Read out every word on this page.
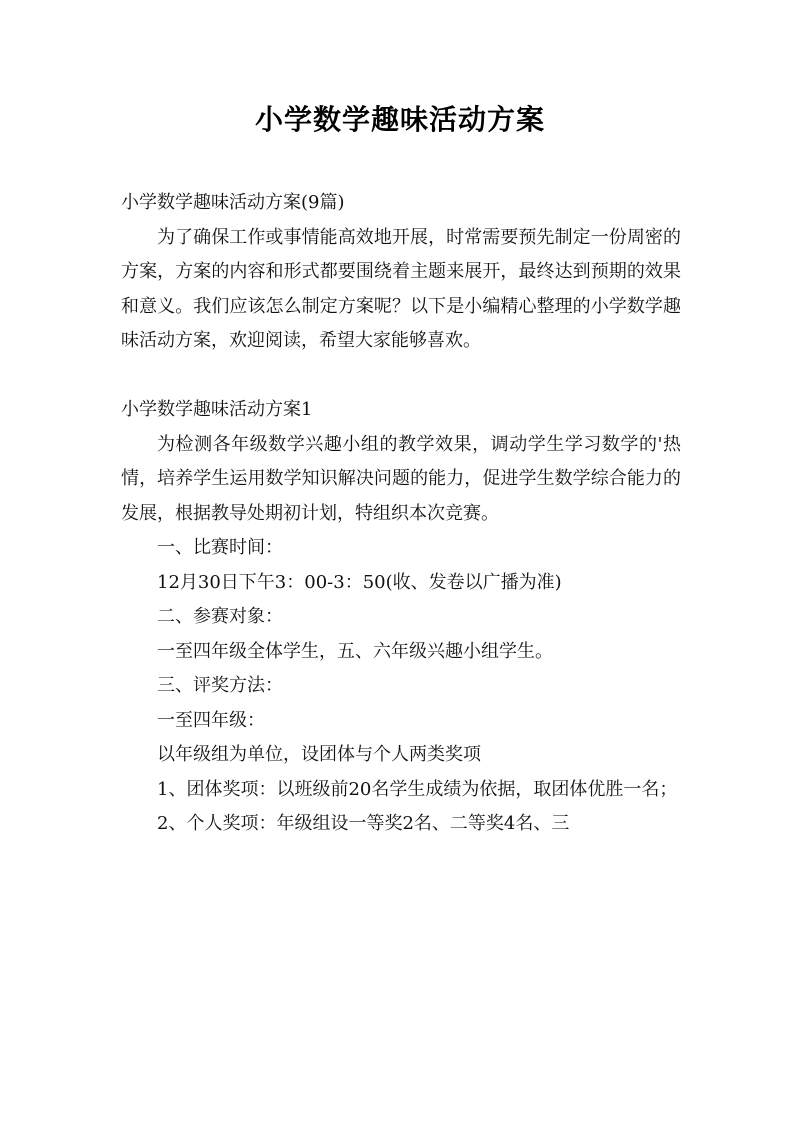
小学数学趣味活动方案

小学数学趣味活动方案(9篇)

为了确保工作或事情能高效地开展，时常需要预先制定一份周密的方案，方案的内容和形式都要围绕着主题来展开，最终达到预期的效果和意义。我们应该怎么制定方案呢？以下是小编精心整理的小学数学趣味活动方案，欢迎阅读，希望大家能够喜欢。

小学数学趣味活动方案1

为检测各年级数学兴趣小组的教学效果，调动学生学习数学的'热情，培养学生运用数学知识解决问题的能力，促进学生数学综合能力的发展，根据教导处期初计划，特组织本次竞赛。

一、比赛时间：

12月30日下午3：00-3：50(收、发卷以广播为准)

二、参赛对象：

一至四年级全体学生，五、六年级兴趣小组学生。

三、评奖方法：

一至四年级：

以年级组为单位，设团体与个人两类奖项

1、团体奖项：以班级前20名学生成绩为依据，取团体优胜一名；

2、个人奖项：年级组设一等奖2名、二等奖4名、三
